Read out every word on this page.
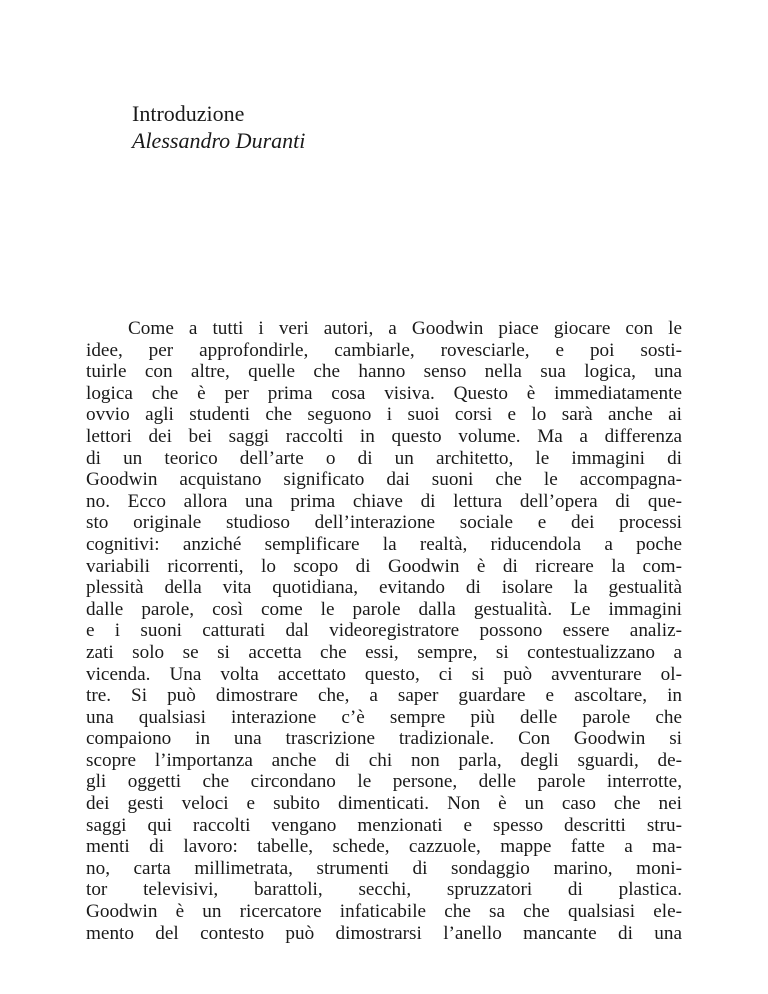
Introduzione
Alessandro Duranti
Come a tutti i veri autori, a Goodwin piace giocare con le
idee, per approfondirle, cambiarle, rovesciarle, e poi sosti-
tuirle con altre, quelle che hanno senso nella sua logica, una
logica che è per prima cosa visiva. Questo è immediatamente
ovvio agli studenti che seguono i suoi corsi e lo sarà anche ai
lettori dei bei saggi raccolti in questo volume. Ma a differenza
di un teorico dell’arte o di un architetto, le immagini di
Goodwin acquistano significato dai suoni che le accompagna-
no. Ecco allora una prima chiave di lettura dell’opera di que-
sto originale studioso dell’interazione sociale e dei processi
cognitivi: anziché semplificare la realtà, riducendola a poche
variabili ricorrenti, lo scopo di Goodwin è di ricreare la com-
plessità della vita quotidiana, evitando di isolare la gestualità
dalle parole, così come le parole dalla gestualità. Le immagini
e i suoni catturati dal videoregistratore possono essere analiz-
zati solo se si accetta che essi, sempre, si contestualizzano a
vicenda. Una volta accettato questo, ci si può avventurare ol-
tre. Si può dimostrare che, a saper guardare e ascoltare, in
una qualsiasi interazione c’è sempre più delle parole che
compaiono in una trascrizione tradizionale. Con Goodwin si
scopre l’importanza anche di chi non parla, degli sguardi, de-
gli oggetti che circondano le persone, delle parole interrotte,
dei gesti veloci e subito dimenticati. Non è un caso che nei
saggi qui raccolti vengano menzionati e spesso descritti stru-
menti di lavoro: tabelle, schede, cazzuole, mappe fatte a ma-
no, carta millimetrata, strumenti di sondaggio marino, moni-
tor televisivi, barattoli, secchi, spruzzatori di plastica.
Goodwin è un ricercatore infaticabile che sa che qualsiasi ele-
mento del contesto può dimostrarsi l’anello mancante di una
